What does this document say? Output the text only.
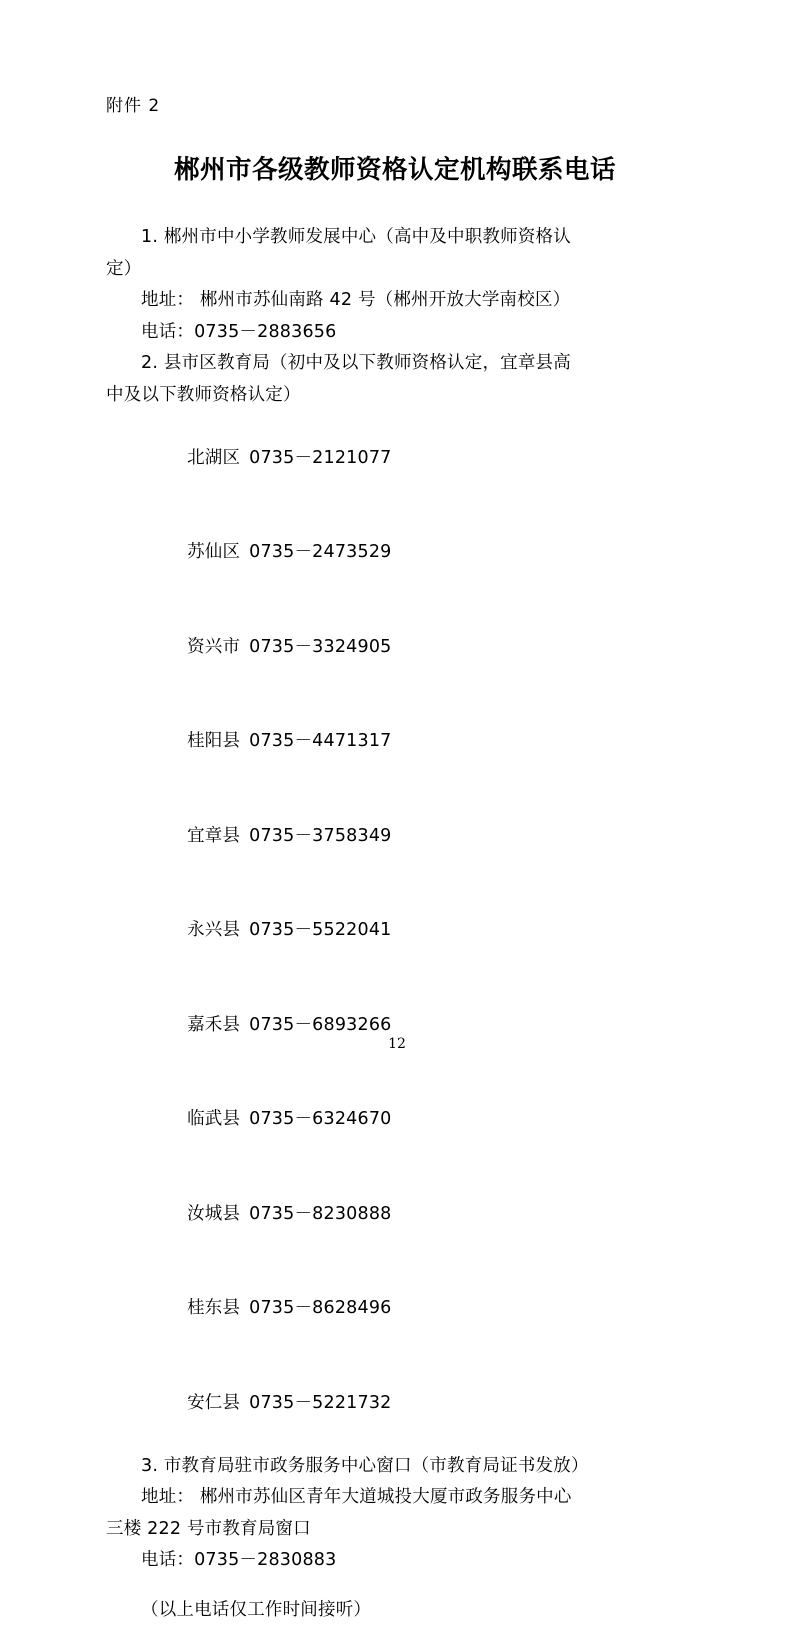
附件 2

郴州市各级教师资格认定机构联系电话

1. 郴州市中小学教师发展中心（高中及中职教师资格认

定）

地址： 郴州市苏仙南路 42 号（郴州开放大学南校区）

电话：0735－2883656

2. 县市区教育局（初中及以下教师资格认定，宜章县高

中及以下教师资格认定）

北湖区 0735－2121077

苏仙区 0735－2473529

资兴市 0735－3324905

桂阳县 0735－4471317

宜章县 0735－3758349

永兴县 0735－5522041

嘉禾县 0735－6893266

临武县 0735－6324670

汝城县 0735－8230888

桂东县 0735－8628496

安仁县 0735－5221732

3. 市教育局驻市政务服务中心窗口（市教育局证书发放）

地址： 郴州市苏仙区青年大道城投大厦市政务服务中心

三楼 222 号市教育局窗口

电话：0735－2830883

（以上电话仅工作时间接听）

12
